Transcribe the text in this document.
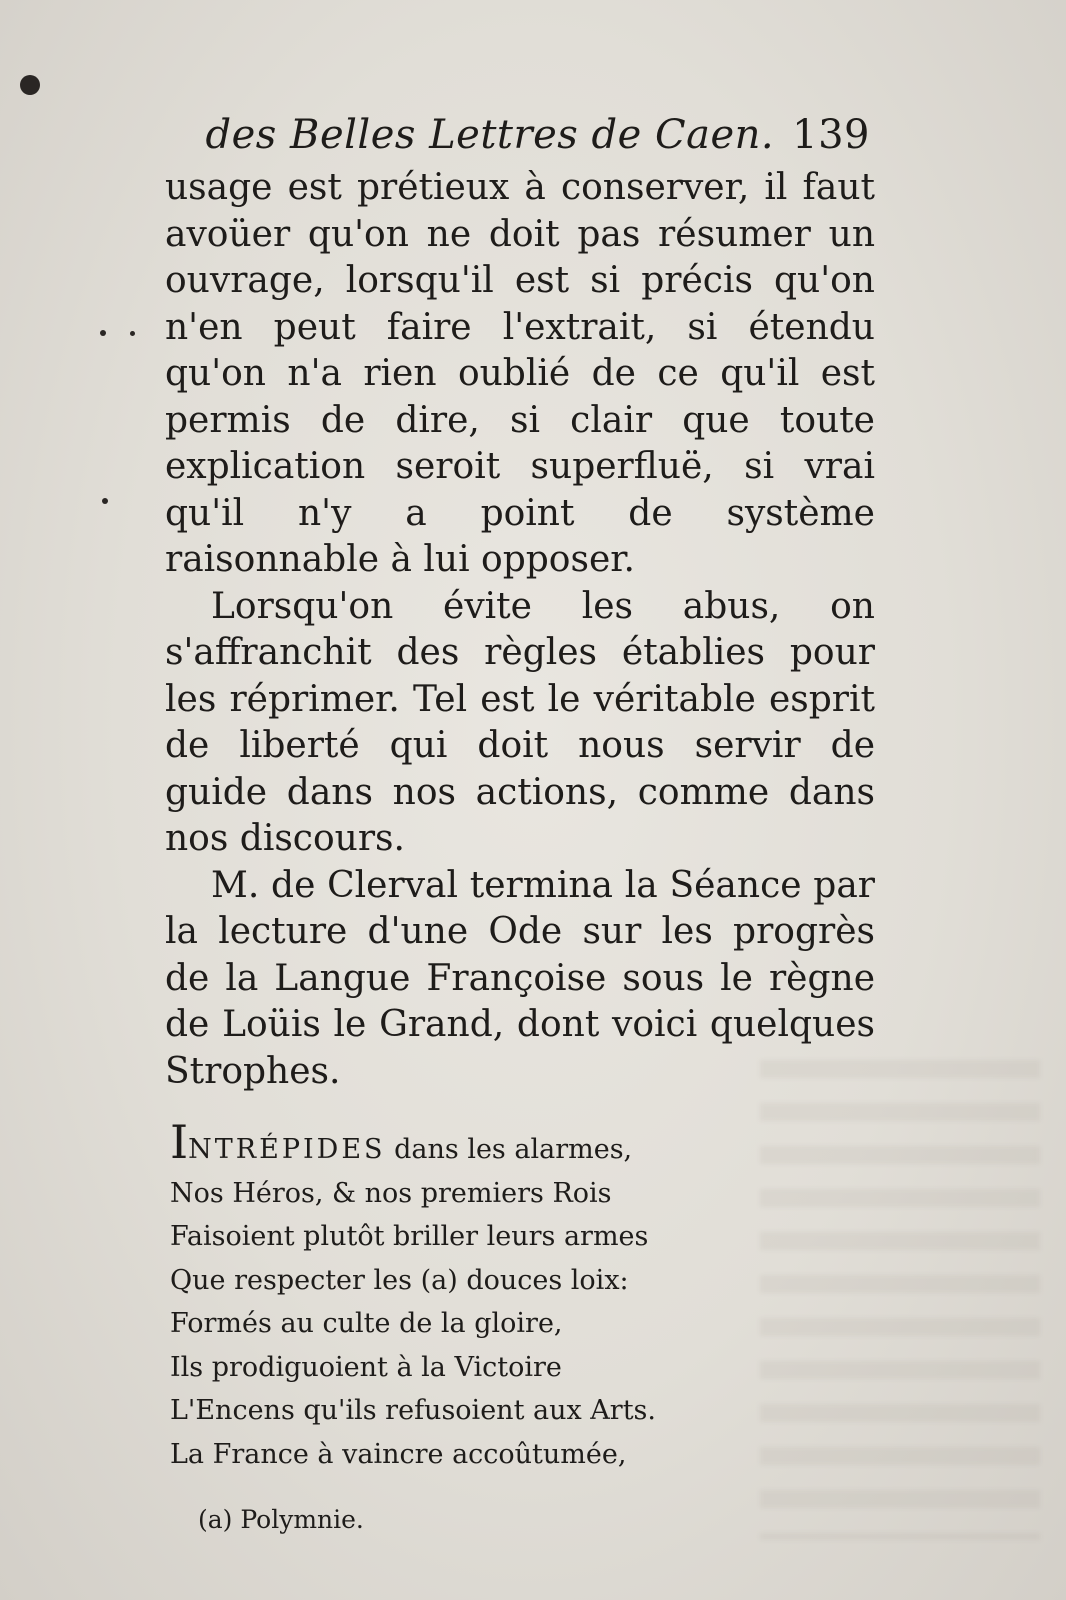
des Belles Lettres de Caen. 139

usage est prétieux à conserver, il faut avoüer qu'on ne doit pas résumer un ouvrage, lorsqu'il est si précis qu'on n'en peut faire l'extrait, si étendu qu'on n'a rien oublié de ce qu'il est permis de dire, si clair que toute explication seroit superfluë, si vrai qu'il n'y a point de système raisonnable à lui opposer.

Lorsqu'on évite les abus, on s'affranchit des règles établies pour les réprimer. Tel est le véritable esprit de liberté qui doit nous servir de guide dans nos actions, comme dans nos discours.

M. de Clerval termina la Séance par la lecture d'une Ode sur les progrès de la Langue Françoise sous le règne de Loüis le Grand, dont voici quelques Strophes.

INTRÉPIDES dans les alarmes,
Nos Héros, & nos premiers Rois
Faisoient plutôt briller leurs armes
Que respecter les (a) douces loix:
Formés au culte de la gloire,
Ils prodiguoient à la Victoire
L'Encens qu'ils refusoient aux Arts.
La France à vaincre accoûtumée,
(a) Polymnie.
